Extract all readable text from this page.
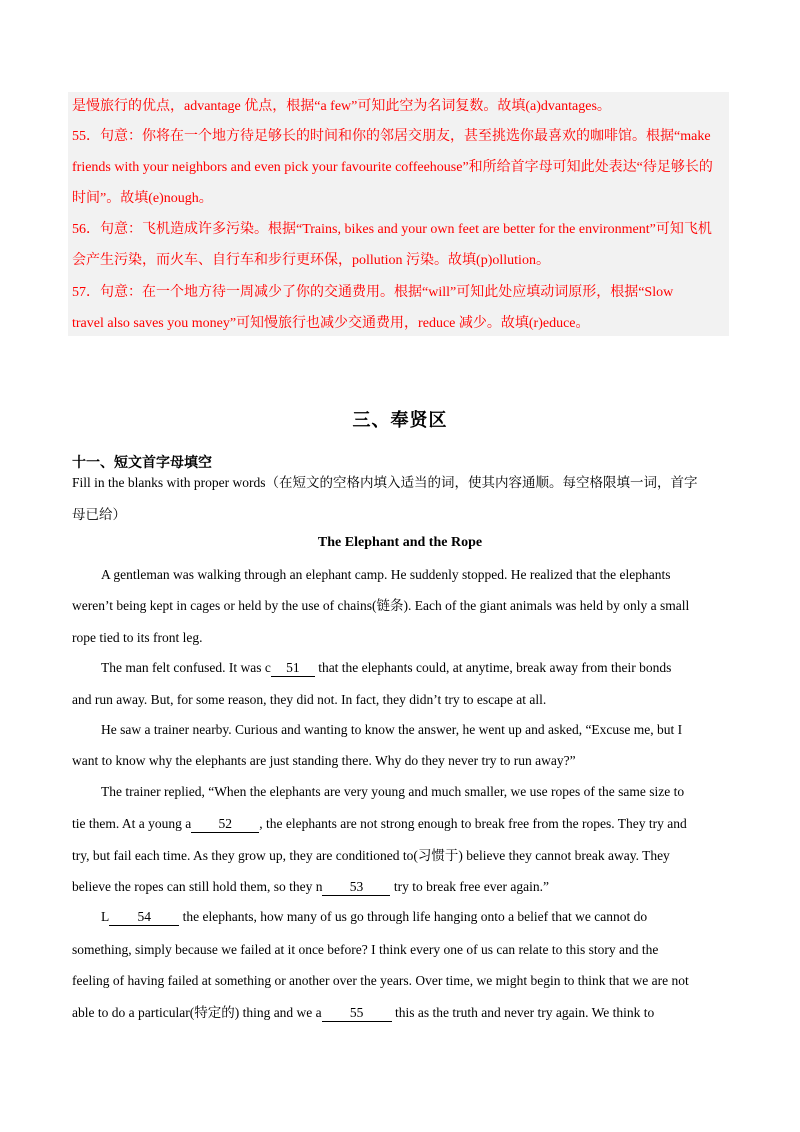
是慢旅行的优点，advantage 优点，根据“a few”可知此空为名词复数。故填(a)dvantages。
55．句意：你将在一个地方待足够长的时间和你的邻居交朋友，甚至挑选你最喜欢的咖啡馆。根据“make
friends with your neighbors and even pick your favourite coffeehouse”和所给首字母可知此处表达“待足够长的
时间”。故填(e)nough。
56．句意：飞机造成许多污染。根据“Trains, bikes and your own feet are better for the environment”可知飞机
会产生污染，而火车、自行车和步行更环保，pollution 污染。故填(p)ollution。
57．句意：在一个地方待一周减少了你的交通费用。根据“will”可知此处应填动词原形，根据“Slow
travel also saves you money”可知慢旅行也减少交通费用，reduce 减少。故填(r)educe。
三、奉贤区
十一、短文首字母填空
Fill in the blanks with proper words（在短文的空格内填入适当的词，使其内容通顺。每空格限填一词，首字
母已给）
The Elephant and the Rope
A gentleman was walking through an elephant camp. He suddenly stopped. He realized that the elephants
weren’t being kept in cages or held by the use of chains(链条). Each of the giant animals was held by only a small
rope tied to its front leg.
The man felt confused. It was c 51 that the elephants could, at anytime, break away from their bonds
and run away. But, for some reason, they did not. In fact, they didn’t try to escape at all.
He saw a trainer nearby. Curious and wanting to know the answer, he went up and asked, “Excuse me, but I
want to know why the elephants are just standing there. Why do they never try to run away?”
The trainer replied, “When the elephants are very young and much smaller, we use ropes of the same size to
tie them. At a young a 52 , the elephants are not strong enough to break free from the ropes. They try and
try, but fail each time. As they grow up, they are conditioned to(习惯于) believe they cannot break away. They
believe the ropes can still hold them, so they n 53 try to break free ever again.”
L 54 the elephants, how many of us go through life hanging onto a belief that we cannot do
something, simply because we failed at it once before? I think every one of us can relate to this story and the
feeling of having failed at something or another over the years. Over time, we might begin to think that we are not
able to do a particular(特定的) thing and we a 55 this as the truth and never try again. We think to
